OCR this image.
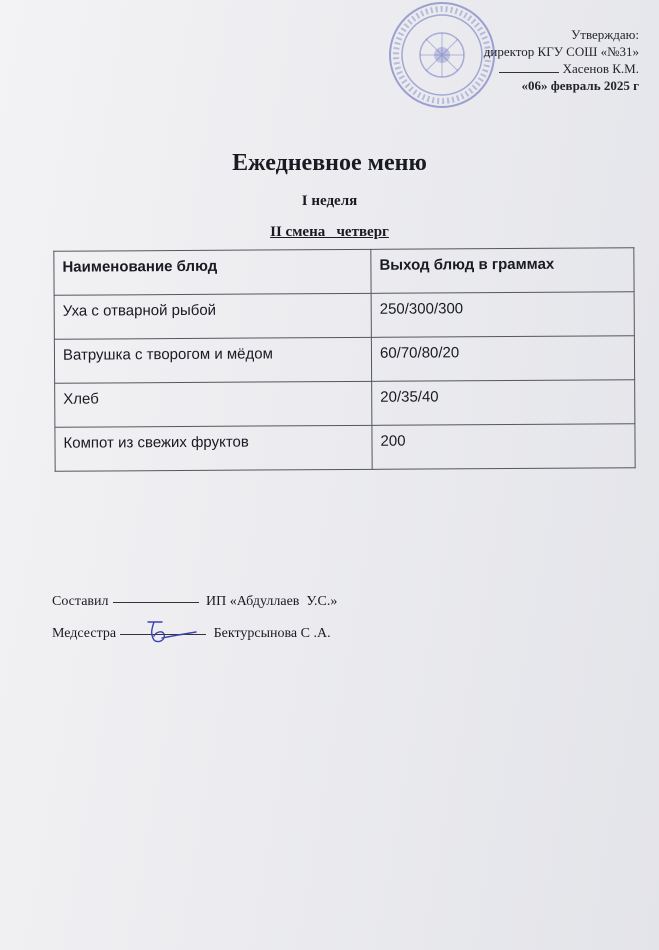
Утверждаю:
директор КГУ СОШ «№31»
Хасенов К.М.
«06» февраль 2025 г
Ежедневное меню
I неделя
II смена   четверг
Наименование блюд	Выход блюд в граммах
Уха с отварной рыбой	250/300/300
Ватрушка с творогом и мёдом	60/70/80/20
Хлеб	20/35/40
Компот из свежих фруктов	200
Составил	ИП «Абдуллаев  У.С.»
Медсестра	Бектурсынова С .А.
